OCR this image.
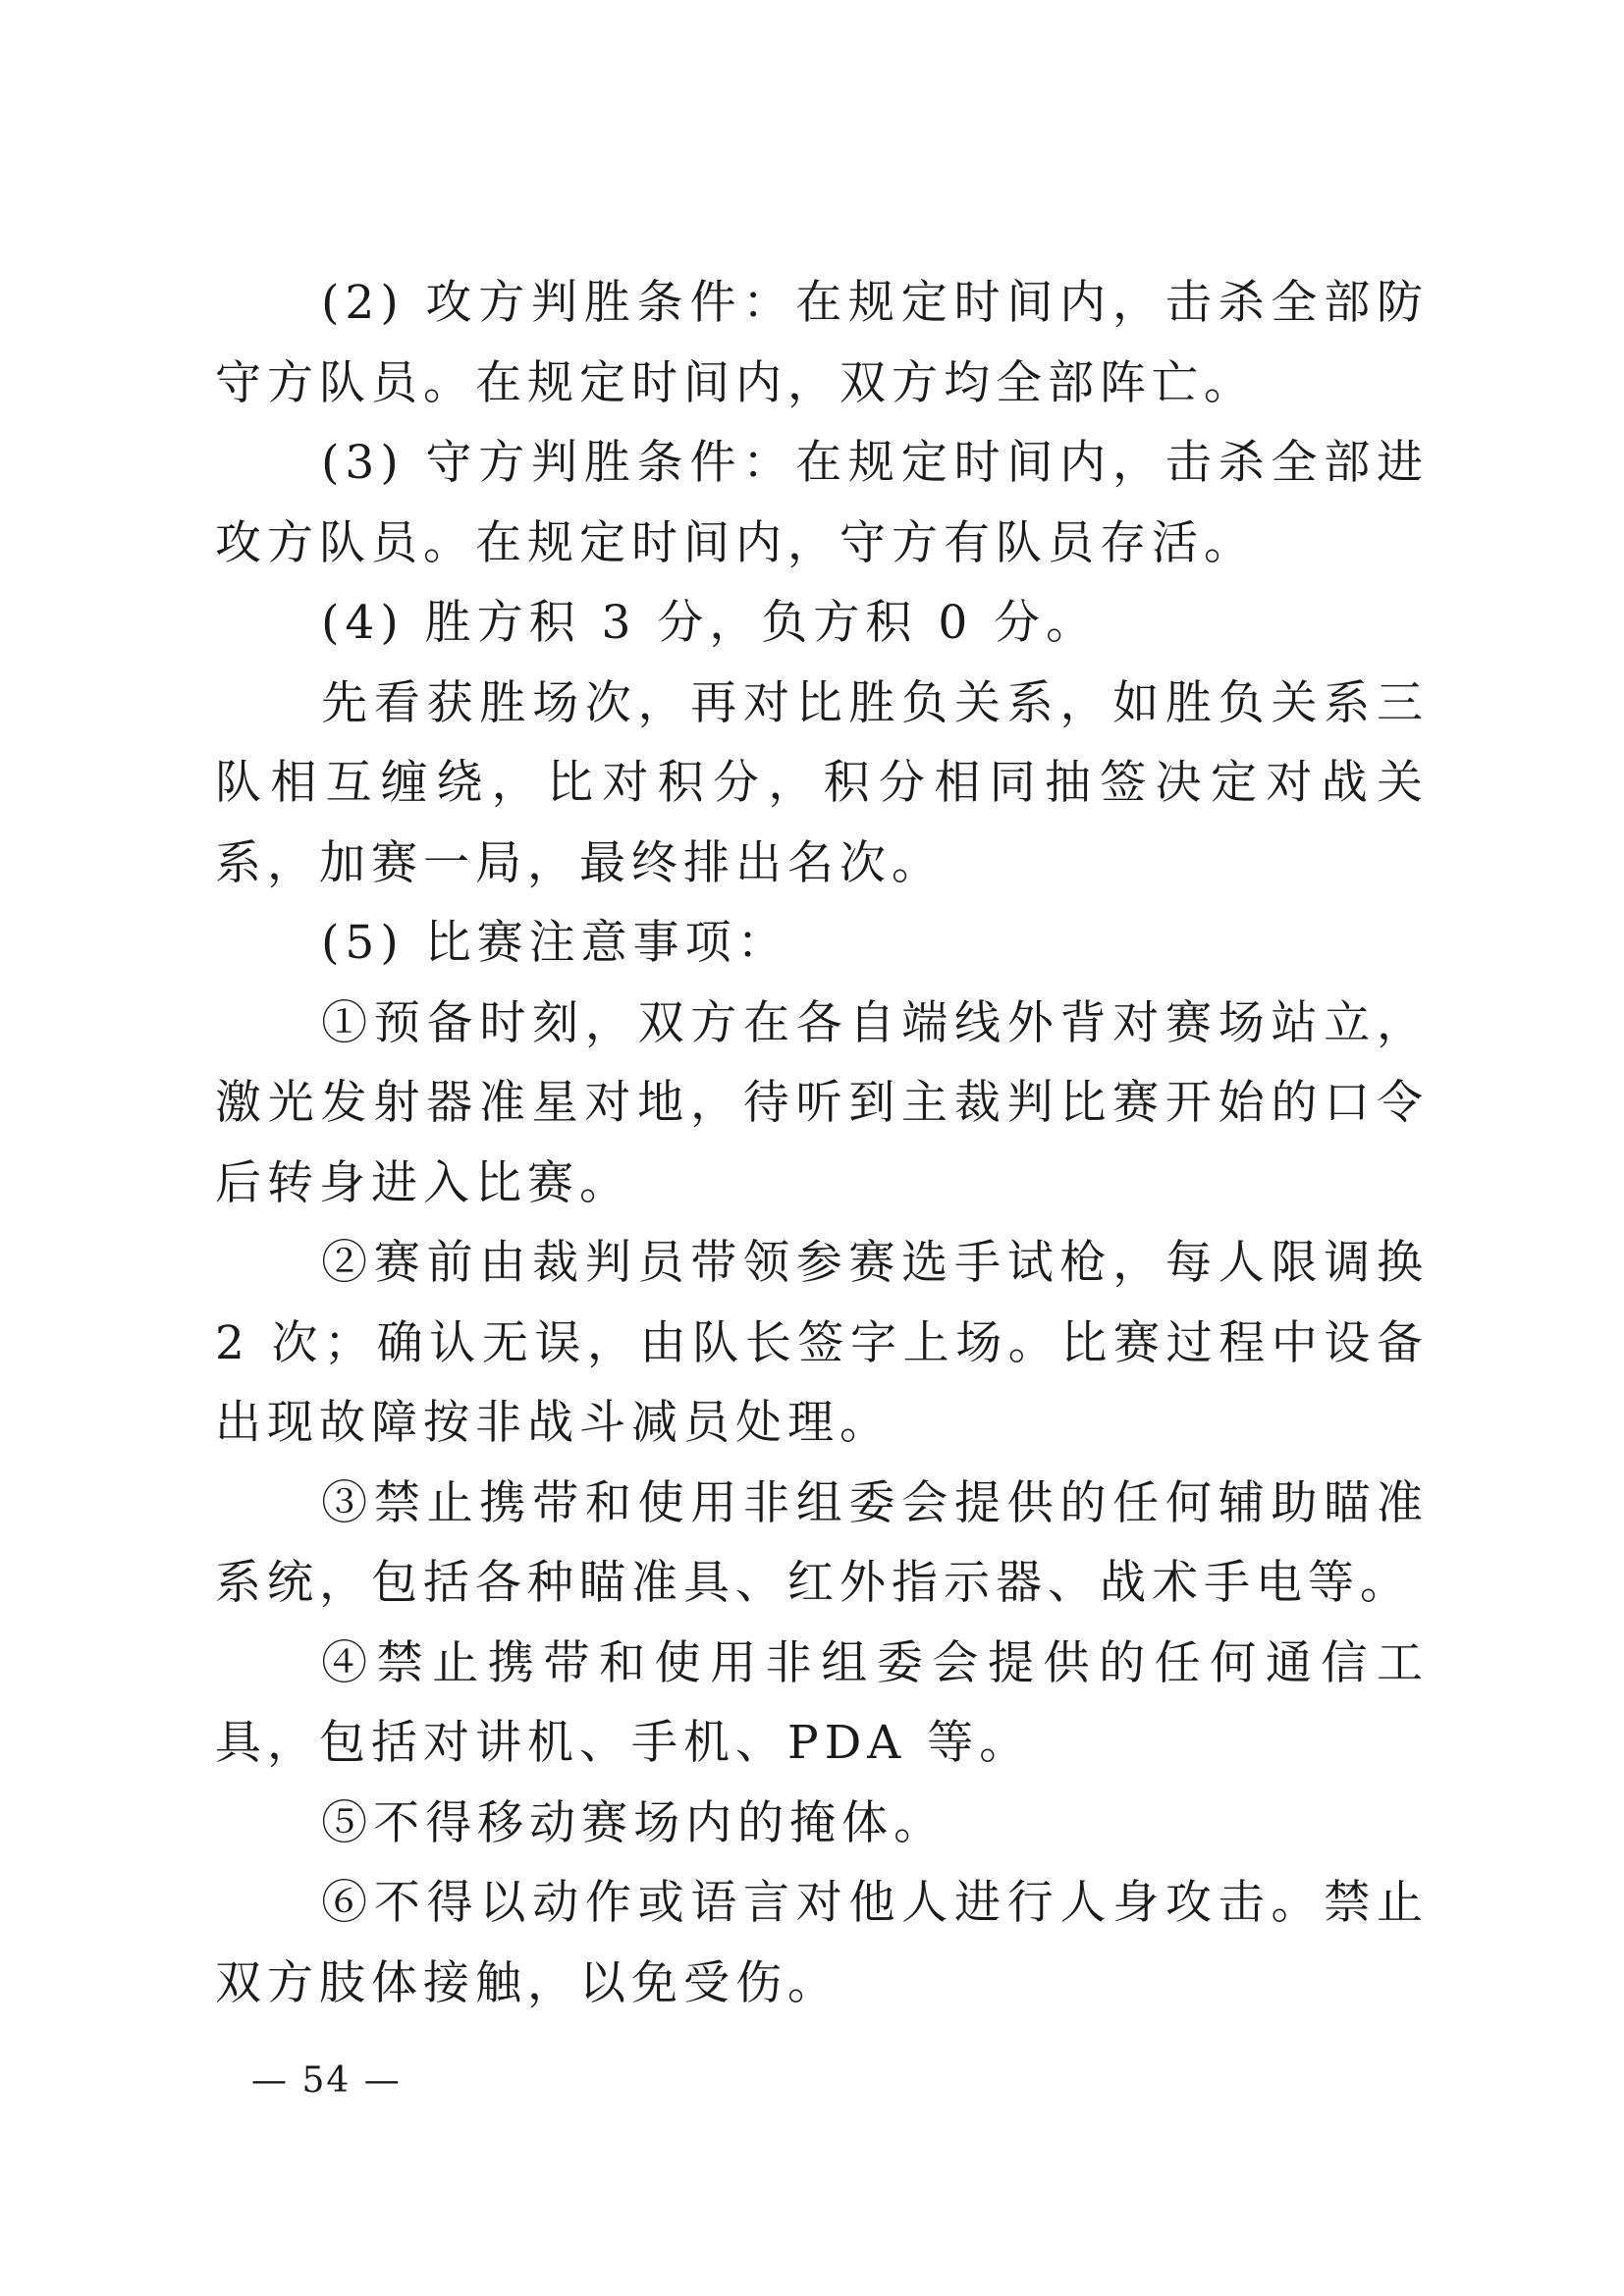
(2) 攻方判胜条件：在规定时间内，击杀全部防守方队员。在规定时间内，双方均全部阵亡。

(3) 守方判胜条件：在规定时间内，击杀全部进攻方队员。在规定时间内，守方有队员存活。

(4) 胜方积 3 分，负方积 0 分。

先看获胜场次，再对比胜负关系，如胜负关系三队相互缠绕，比对积分，积分相同抽签决定对战关系，加赛一局，最终排出名次。

(5) 比赛注意事项：

①预备时刻，双方在各自端线外背对赛场站立，激光发射器准星对地，待听到主裁判比赛开始的口令后转身进入比赛。

②赛前由裁判员带领参赛选手试枪，每人限调换 2 次；确认无误，由队长签字上场。比赛过程中设备出现故障按非战斗减员处理。

③禁止携带和使用非组委会提供的任何辅助瞄准系统，包括各种瞄准具、红外指示器、战术手电等。

④禁止携带和使用非组委会提供的任何通信工具，包括对讲机、手机、PDA 等。

⑤不得移动赛场内的掩体。

⑥不得以动作或语言对他人进行人身攻击。禁止双方肢体接触，以免受伤。

— 54 —
